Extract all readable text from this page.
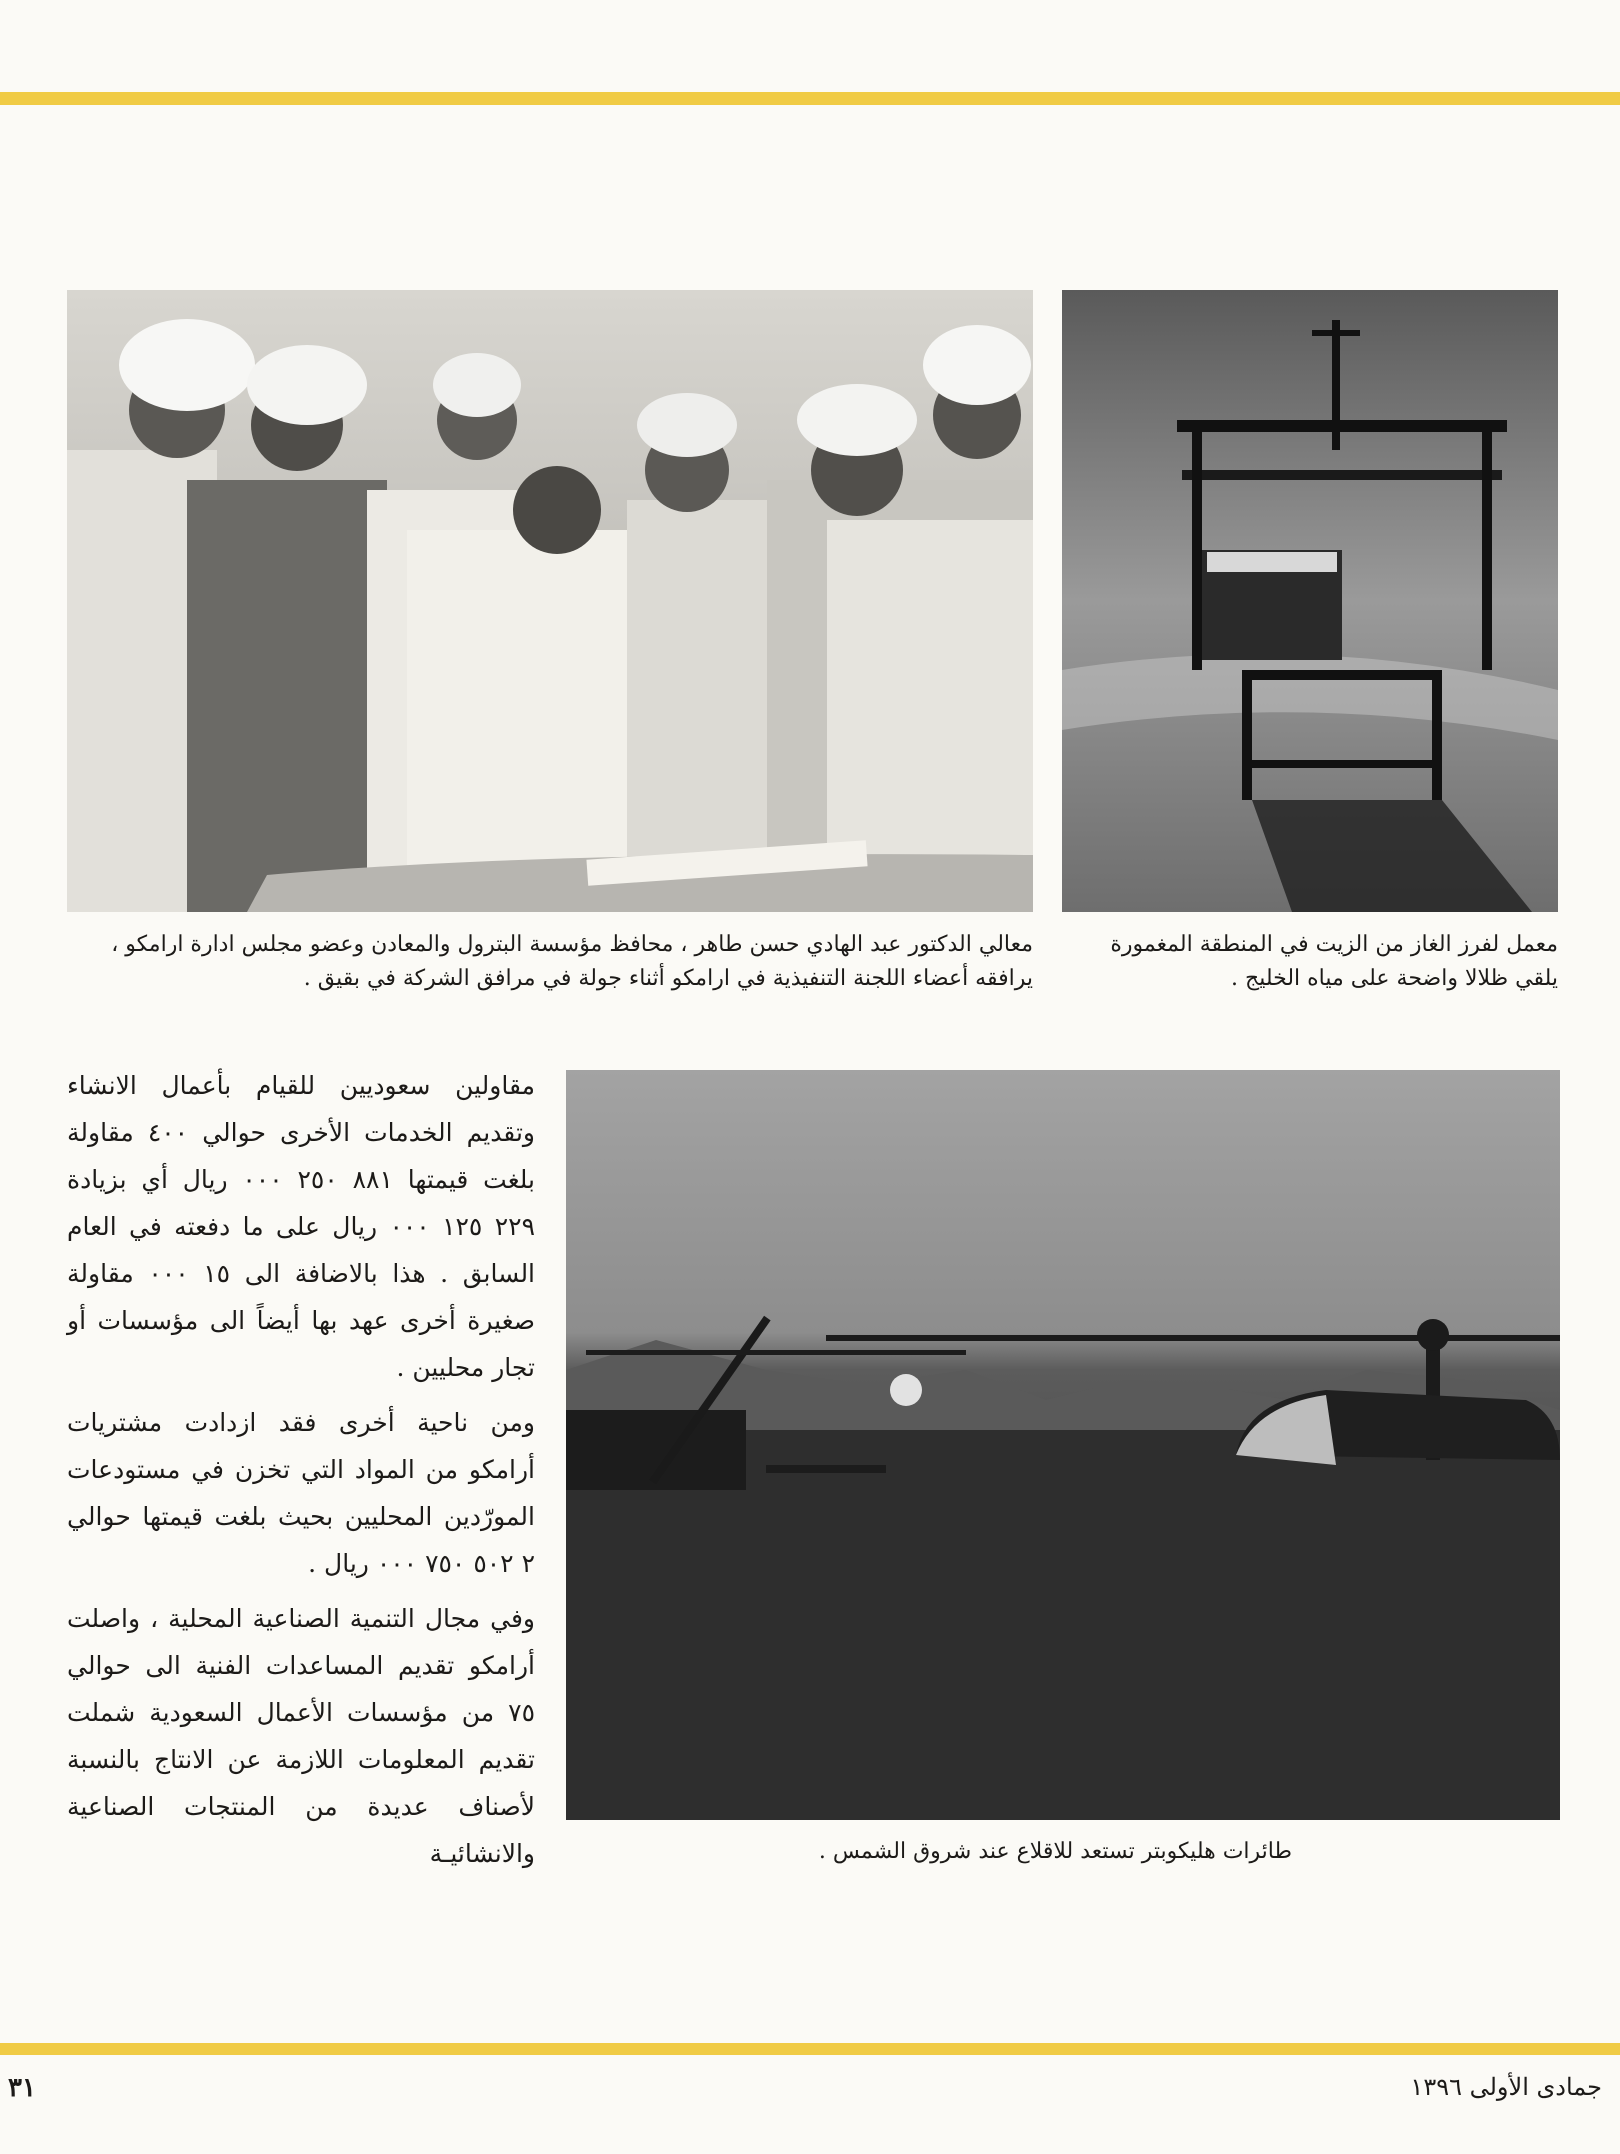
معالي الدكتور عبد الهادي حسن طاهر ، محافظ مؤسسة البترول والمعادن وعضو مجلس ادارة ارامكو ، يرافقه أعضاء اللجنة التنفيذية في ارامكو أثناء جولة في مرافق الشركة في بقيق .
معمل لفرز الغاز من الزيت في المنطقة المغمورة يلقي ظلالا واضحة على مياه الخليج .

مقاولين سعوديين للقيام بأعمال الانشاء وتقديم الخدمات الأخرى حوالي ٤٠٠ مقاولة بلغت قيمتها ٨٨١ ٢٥٠ ٠٠٠ ريال أي بزيادة ٢٢٩ ١٢٥ ٠٠٠ ريال على ما دفعته في العام السابق . هذا بالاضافة الى ١٥ ٠٠٠ مقاولة صغيرة أخرى عهد بها أيضاً الى مؤسسات أو تجار محليين .

ومن ناحية أخرى فقد ازدادت مشتريات أرامكو من المواد التي تخزن في مستودعات المورّدين المحليين بحيث بلغت قيمتها حوالي ٢ ٥٠٢ ٧٥٠ ٠٠٠ ريال .

وفي مجال التنمية الصناعية المحلية ، واصلت أرامكو تقديم المساعدات الفنية الى حوالي ٧٥ من مؤسسات الأعمال السعودية شملت تقديم المعلومات اللازمة عن الانتاج بالنسبة لأصناف عديدة من المنتجات الصناعية والانشائيـة	طائرات هليكوبتر تستعد للاقلاع عند شروق الشمس .
٣١	جمادى الأولى ١٣٩٦
